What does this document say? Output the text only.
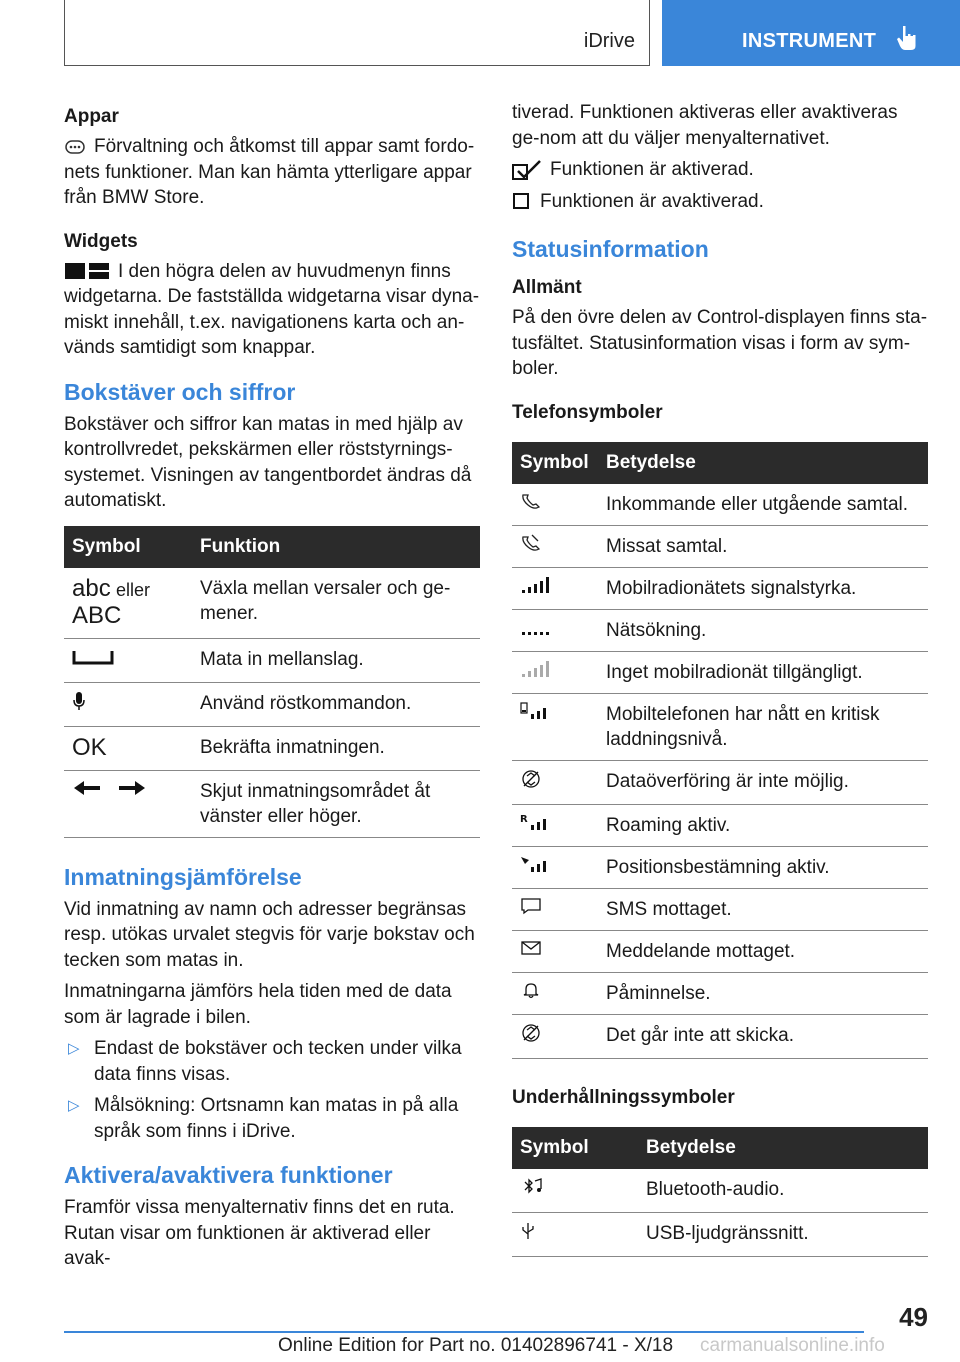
iDrive	INSTRUMENT
Appar

Förvaltning och åtkomst till appar samt fordo-nets funktioner. Man kan hämta ytterligare appar från BMW Store.

Widgets

I den högra delen av huvudmenyn finns widgetarna. De fastställda widgetarna visar dyna-miskt innehåll, t.ex. navigationens karta och an-vänds samtidigt som knappar.

Bokstäver och siffror

Bokstäver och siffror kan matas in med hjälp av kontrollvredet, pekskärmen eller röststyrnings-systemet. Visningen av tangentbordet ändras då automatiskt.

Symbol	Funktion
abc eller
ABC	Växla mellan versaler och ge-mener.
	Mata in mellanslag.
	Använd röstkommandon.
OK	Bekräfta inmatningen.
	Skjut inmatningsområdet åt vänster eller höger.
Inmatningsjämförelse

Vid inmatning av namn och adresser begränsas resp. utökas urvalet stegvis för varje bokstav och tecken som matas in.

Inmatningarna jämförs hela tiden med de data som är lagrade i bilen.

▷ Endast de bokstäver och tecken under vilka data finns visas.
▷ Målsökning: Ortsnamn kan matas in på alla språk som finns i iDrive.
Aktivera/avaktivera funktioner

Framför vissa menyalternativ finns det en ruta. Rutan visar om funktionen är aktiverad eller avak-

tiverad. Funktionen aktiveras eller avaktiveras ge-nom att du väljer menyalternativet.

Funktionen är aktiverad.

Funktionen är avaktiverad.

Statusinformation
Allmänt

På den övre delen av Control-displayen finns sta-tusfältet. Statusinformation visas i form av sym-boler.

Telefonsymboler
Symbol	Betydelse
	Inkommande eller utgående samtal.
	Missat samtal.
	Mobilradionätets signalstyrka.
	Nätsökning.
	Inget mobilradionät tillgängligt.
	Mobiltelefonen har nått en kritisk laddningsnivå.
	Dataöverföring är inte möjlig.

R	Roaming aktiv.
	Positionsbestämning aktiv.
	SMS mottaget.
	Meddelande mottaget.
	Påminnelse.
	Det går inte att skicka.
Underhållningssymboler
Symbol	Betydelse
	Bluetooth-audio.
	USB-ljudgränssnitt.
49
Online Edition for Part no. 01402896741 - X/18 carmanualsonline.info
